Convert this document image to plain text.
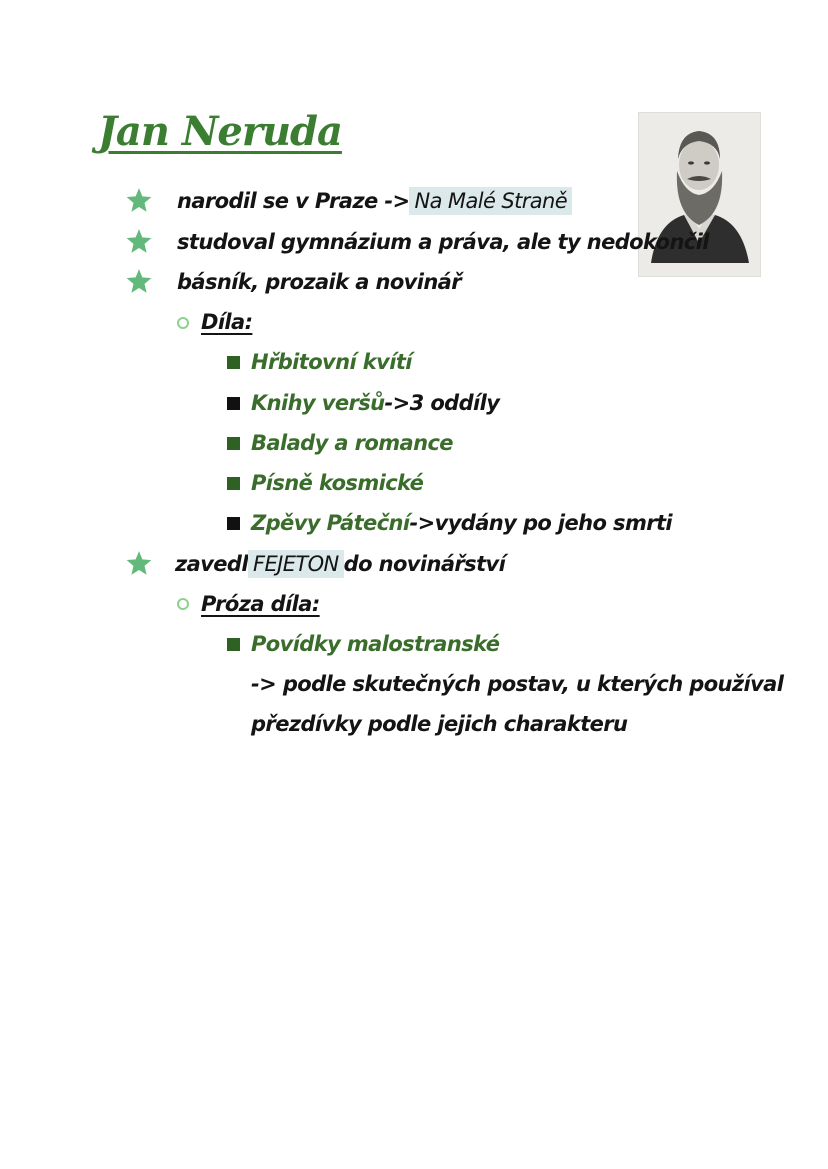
Jan Neruda
narodil se v Praze -> Na Malé Straně
studoval gymnázium a práva, ale ty nedokončil
básník, prozaik a novinář
Díla:
Hřbitovní kvítí
Knihy veršů ->3 oddíly
Balady a romance
Písně kosmické
Zpěvy Páteční ->vydány po jeho smrti
zavedl FEJETON do novinářství
Próza díla:
Povídky malostranské
-> podle skutečných postav, u kterých používal
přezdívky podle jejich charakteru
